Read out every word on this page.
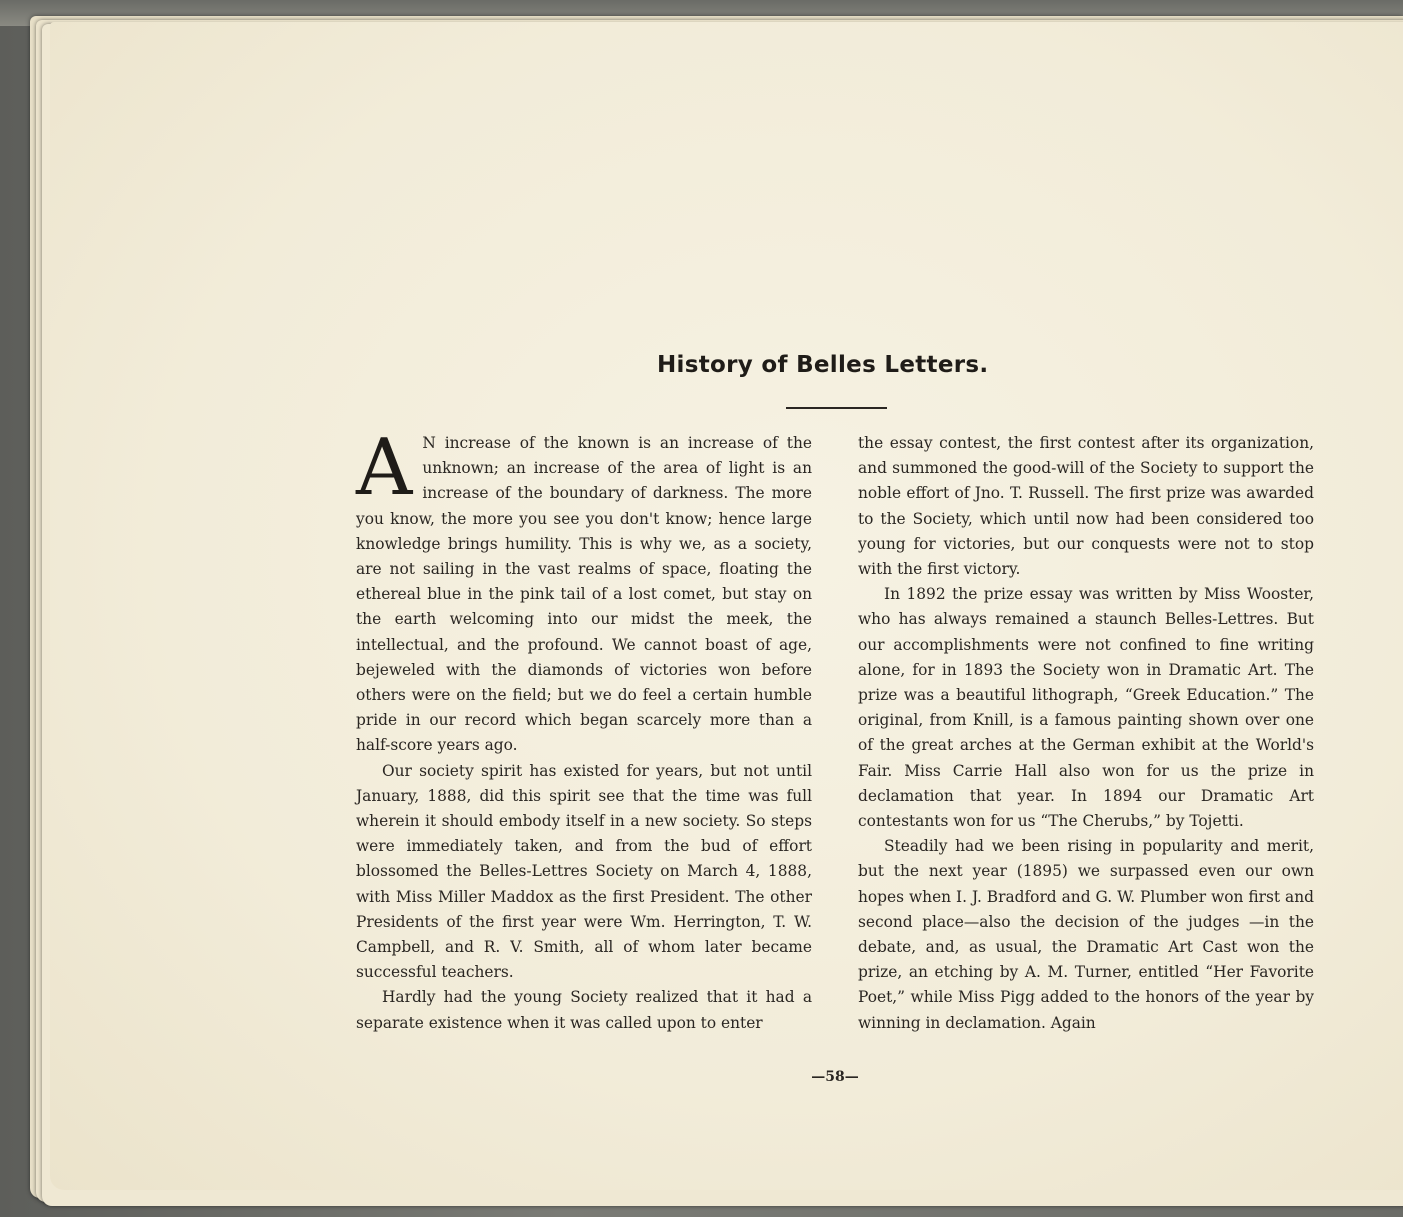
History of Belles Letters.

A N increase of the known is an increase of the unknown; an increase of the area of light is an increase of the boundary of darkness. The more you know, the more you see you don't know; hence large knowledge brings humility. This is why we, as a society, are not sailing in the vast realms of space, floating the ethereal blue in the pink tail of a lost comet, but stay on the earth welcoming into our midst the meek, the intellectual, and the profound. We cannot boast of age, bejeweled with the diamonds of victories won before others were on the field; but we do feel a certain humble pride in our record which began scarcely more than a half-score years ago.

Our society spirit has existed for years, but not until January, 1888, did this spirit see that the time was full wherein it should embody itself in a new society. So steps were immediately taken, and from the bud of effort blossomed the Belles-Lettres Society on March 4, 1888, with Miss Miller Maddox as the first President. The other Presidents of the first year were Wm. Herrington, T. W. Campbell, and R. V. Smith, all of whom later became successful teachers.

Hardly had the young Society realized that it had a separate existence when it was called upon to enter

the essay contest, the first contest after its organization, and summoned the good-will of the Society to support the noble effort of Jno. T. Russell. The first prize was awarded to the Society, which until now had been considered too young for victories, but our conquests were not to stop with the first victory.

In 1892 the prize essay was written by Miss Wooster, who has always remained a staunch Belles-Lettres. But our accomplishments were not confined to fine writing alone, for in 1893 the Society won in Dramatic Art. The prize was a beautiful lithograph, “Greek Education.” The original, from Knill, is a famous painting shown over one of the great arches at the German exhibit at the World's Fair. Miss Carrie Hall also won for us the prize in declamation that year. In 1894 our Dramatic Art contestants won for us “The Cherubs,” by Tojetti.

Steadily had we been rising in popularity and merit, but the next year (1895) we surpassed even our own hopes when I. J. Bradford and G. W. Plumber won first and second place—also the decision of the judges —in the debate, and, as usual, the Dramatic Art Cast won the prize, an etching by A. M. Turner, entitled “Her Favorite Poet,” while Miss Pigg added to the honors of the year by winning in declamation. Again

—58—
